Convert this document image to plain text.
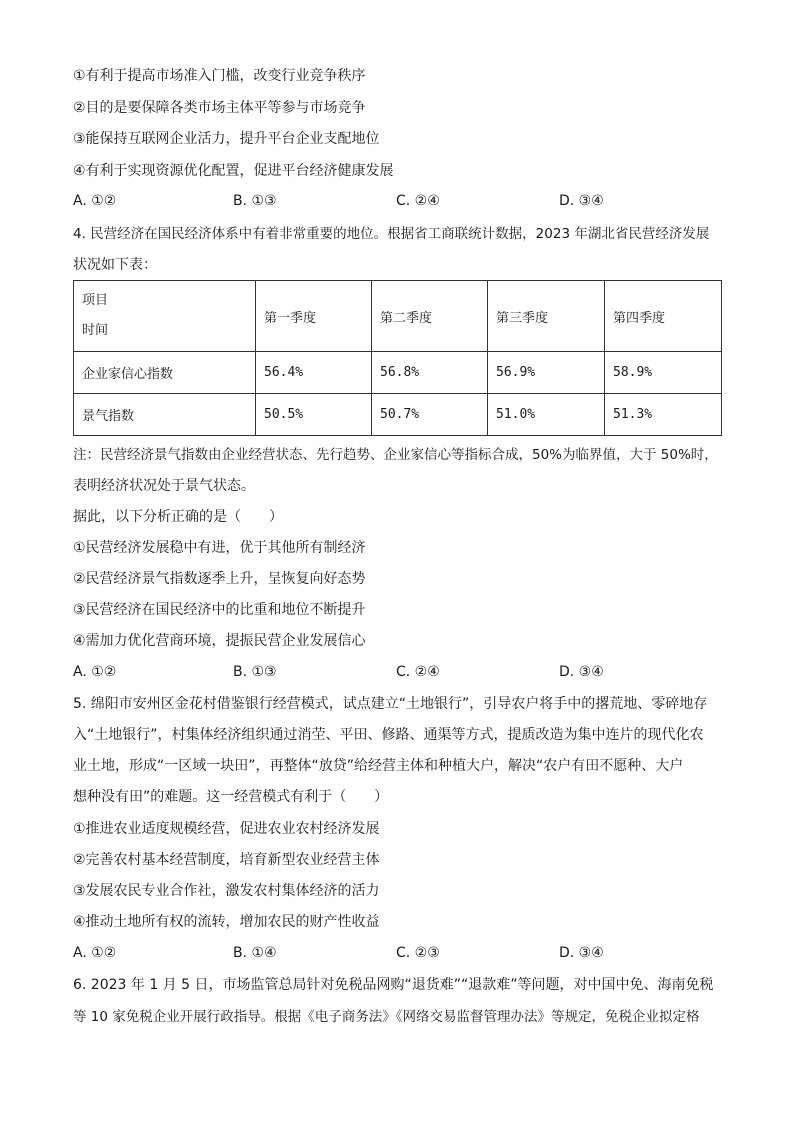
①有利于提高市场准入门槛，改变行业竞争秩序
②目的是要保障各类市场主体平等参与市场竞争
③能保持互联网企业活力，提升平台企业支配地位
④有利于实现资源优化配置，促进平台经济健康发展
A. ①②	B. ①③	C. ②④	D. ③④
4. 民营经济在国民经济体系中有着非常重要的地位。根据省工商联统计数据，2023 年湖北省民营经济发展
状况如下表：
项目
时间	第一季度	第二季度	第三季度	第四季度
企业家信心指数	56.4%	56.8%	56.9%	58.9%
景气指数	50.5%	50.7%	51.0%	51.3%
注：民营经济景气指数由企业经营状态、先行趋势、企业家信心等指标合成，50%为临界值，大于 50%时，
表明经济状况处于景气状态。
据此，以下分析正确的是（　　）
①民营经济发展稳中有进，优于其他所有制经济
②民营经济景气指数逐季上升，呈恢复向好态势
③民营经济在国民经济中的比重和地位不断提升
④需加力优化营商环境，提振民营企业发展信心
A. ①②	B. ①③	C. ②④	D. ③④
5. 绵阳市安州区金花村借鉴银行经营模式，试点建立“土地银行”，引导农户将手中的撂荒地、零碎地存
入“土地银行”，村集体经济组织通过消茔、平田、修路、通渠等方式，提质改造为集中连片的现代化农
业土地，形成“一区域一块田”，再整体“放贷”给经营主体和种植大户，解决“农户有田不愿种、大户
想种没有田”的难题。这一经营模式有利于（　　）
①推进农业适度规模经营，促进农业农村经济发展
②完善农村基本经营制度，培育新型农业经营主体
③发展农民专业合作社，激发农村集体经济的活力
④推动土地所有权的流转，增加农民的财产性收益
A. ①②	B. ①④	C. ②③	D. ③④
6. 2023 年 1 月 5 日，市场监管总局针对免税品网购“退货难”“退款难”等问题，对中国中免、海南免税
等 10 家免税企业开展行政指导。根据《电子商务法》《网络交易监督管理办法》等规定，免税企业拟定格
